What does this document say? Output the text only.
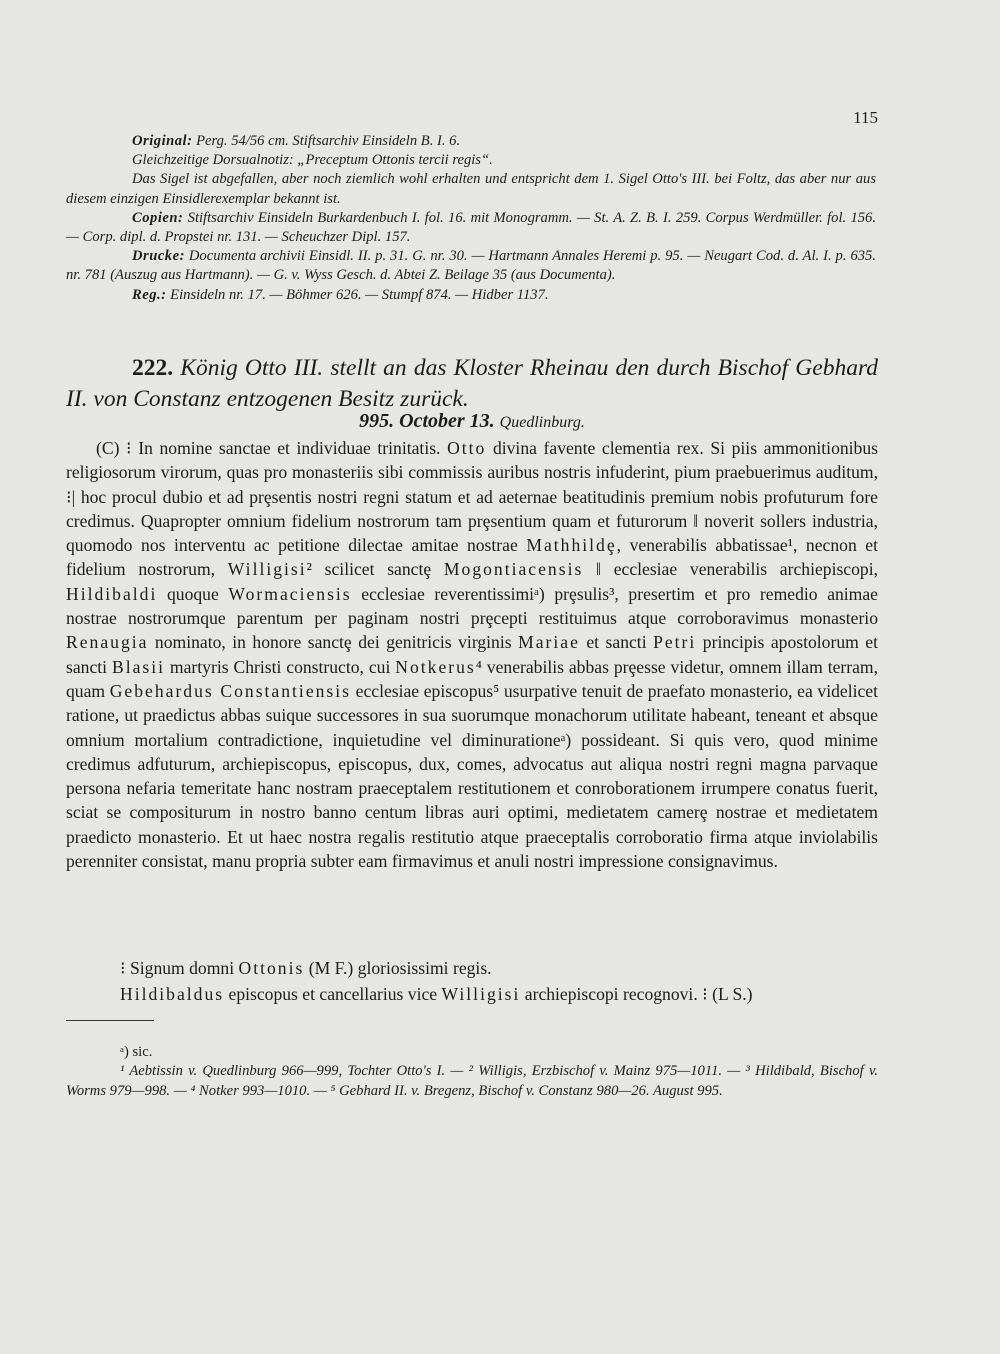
115

Original: Perg. 54/56 cm. Stiftsarchiv Einsideln B. I. 6.

Gleichzeitige Dorsualnotiz: „Preceptum Ottonis tercii regis“.

Das Sigel ist abgefallen, aber noch ziemlich wohl erhalten und entspricht dem 1. Sigel Otto's III. bei Foltz, das aber nur aus diesem einzigen Einsidlerexemplar bekannt ist.

Copien: Stiftsarchiv Einsideln Burkardenbuch I. fol. 16. mit Monogramm. — St. A. Z. B. I. 259. Corpus Werdmüller. fol. 156. — Corp. dipl. d. Propstei nr. 131. — Scheuchzer Dipl. 157.

Drucke: Documenta archivii Einsidl. II. p. 31. G. nr. 30. — Hartmann Annales Heremi p. 95. — Neugart Cod. d. Al. I. p. 635. nr. 781 (Auszug aus Hartmann). — G. v. Wyss Gesch. d. Abtei Z. Beilage 35 (aus Documenta).

Reg.: Einsideln nr. 17. — Böhmer 626. — Stumpf 874. — Hidber 1137.

222. König Otto III. stellt an das Kloster Rheinau den durch Bischof Gebhard II. von Constanz entzogenen Besitz zurück.
995. October 13. Quedlinburg.

(C) ⁝ In nomine sanctae et individuae trinitatis. Otto divina favente clementia rex. Si piis ammonitionibus religiosorum virorum, quas pro monasteriis sibi commissis auribus nostris infuderint, pium praebuerimus auditum, ⁝| hoc procul dubio et ad prȩsentis nostri regni statum et ad aeternae beatitudinis premium nobis profuturum fore credimus. Quapropter omnium fidelium nostrorum tam prȩsentium quam et futurorum ‖ noverit sollers industria, quomodo nos interventu ac petitione dilectae amitae nostrae Mathhildȩ, venerabilis abbatissae¹, necnon et fidelium nostrorum, Willigisi² scilicet sanctȩ Mogontiacensis ‖ ecclesiae venerabilis archiepiscopi, Hildibaldi quoque Wormaciensis ecclesiae reverentissimiᵃ) prȩsulis³, presertim et pro remedio animae nostrae nostrorumque parentum per paginam nostri prȩcepti restituimus atque corroboravimus monasterio Renaugia nominato, in honore sanctȩ dei genitricis virginis Mariae et sancti Petri principis apostolorum et sancti Blasii martyris Christi constructo, cui Notkerus⁴ venerabilis abbas prȩesse videtur, omnem illam terram, quam Gebehardus Constantiensis ecclesiae episcopus⁵ usurpative tenuit de praefato monasterio, ea videlicet ratione, ut praedictus abbas suique successores in sua suorumque monachorum utilitate habeant, teneant et absque omnium mortalium contradictione, inquietudine vel diminurationeᵃ) possideant. Si quis vero, quod minime credimus adfuturum, archiepiscopus, episcopus, dux, comes, advocatus aut aliqua nostri regni magna parvaque persona nefaria temeritate hanc nostram praeceptalem restitutionem et conroborationem irrumpere conatus fuerit, sciat se compositurum in nostro banno centum libras auri optimi, medietatem camerȩ nostrae et medietatem praedicto monasterio. Et ut haec nostra regalis restitutio atque praeceptalis corroboratio firma atque inviolabilis perenniter consistat, manu propria subter eam firmavimus et anuli nostri impressione consignavimus.

⁝ Signum domni Ottonis (M F.) gloriosissimi regis.

Hildibaldus episcopus et cancellarius vice Willigisi archiepiscopi recognovi. ⁝ (L S.)

ᵃ) sic.

¹ Aebtissin v. Quedlinburg 966—999, Tochter Otto's I. — ² Willigis, Erzbischof v. Mainz 975—1011. — ³ Hildibald, Bischof v. Worms 979—998. — ⁴ Notker 993—1010. — ⁵ Gebhard II. v. Bregenz, Bischof v. Constanz 980—26. August 995.
